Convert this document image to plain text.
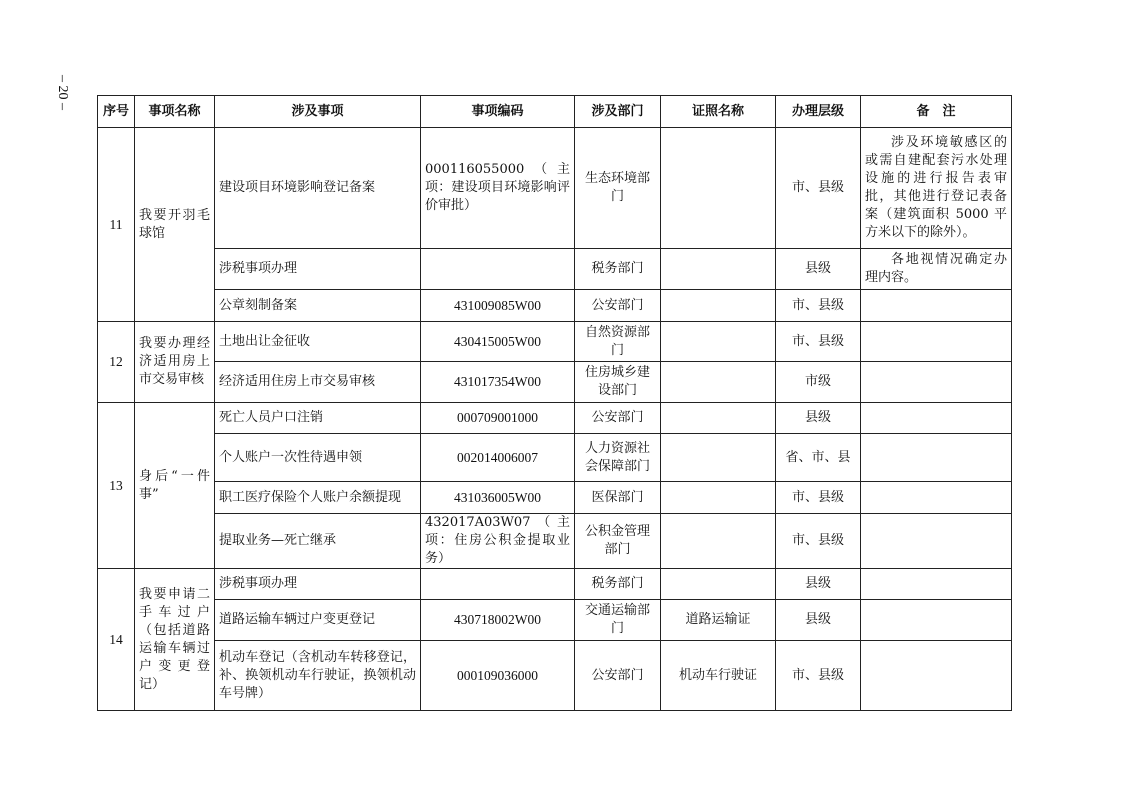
– 20 –
序号	事项名称	涉及事项	事项编码	涉及部门	证照名称	办理层级	备　注
11	我要开羽毛球馆	建设项目环境影响登记备案	000116055000（主项：建设项目环境影响评价审批）	生态环境部门		市、县级	涉及环境敏感区的或需自建配套污水处理设施的进行报告表审批，其他进行登记表备案（建筑面积 5000 平方米以下的除外）。
		涉税事项办理		税务部门		县级	各地视情况确定办理内容。
		公章刻制备案	431009085W00	公安部门		市、县级	
12	我要办理经济适用房上市交易审核	土地出让金征收	430415005W00	自然资源部门		市、县级	
		经济适用住房上市交易审核	431017354W00	住房城乡建设部门		市级	
13	身后“一件事”	死亡人员户口注销	000709001000	公安部门		县级	
		个人账户一次性待遇申领	002014006007	人力资源社会保障部门		省、市、县	
		职工医疗保险个人账户余额提现	431036005W00	医保部门		市、县级	
		提取业务—死亡继承	432017A03W07（主项：住房公积金提取业务）	公积金管理部门		市、县级	
14	我要申请二手车过户（包括道路运输车辆过户变更登记）	涉税事项办理		税务部门		县级	
		道路运输车辆过户变更登记	430718002W00	交通运输部门	道路运输证	县级	
		机动车登记（含机动车转移登记，补、换领机动车行驶证，换领机动车号牌）	000109036000	公安部门	机动车行驶证	市、县级	
